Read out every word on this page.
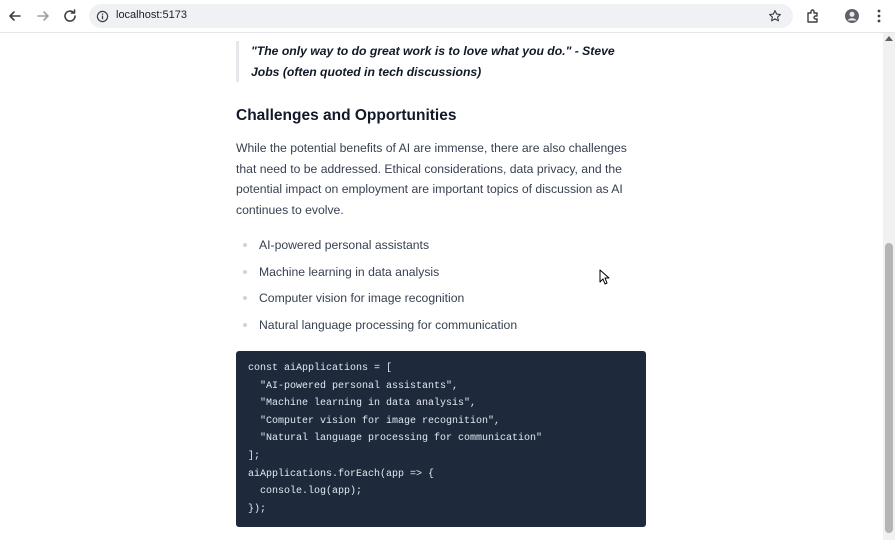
localhost:5173
"The only way to do great work is to love what you do." - Steve Jobs (often quoted in tech discussions)
Challenges and Opportunities

While the potential benefits of AI are immense, there are also challenges that need to be addressed. Ethical considerations, data privacy, and the potential impact on employment are important topics of discussion as AI continues to evolve.

AI-powered personal assistants
Machine learning in data analysis
Computer vision for image recognition
Natural language processing for communication
const aiApplications = [
"AI-powered personal assistants",
"Machine learning in data analysis",
"Computer vision for image recognition",
"Natural language processing for communication"
];
aiApplications.forEach(app => {
console.log(app);
});
